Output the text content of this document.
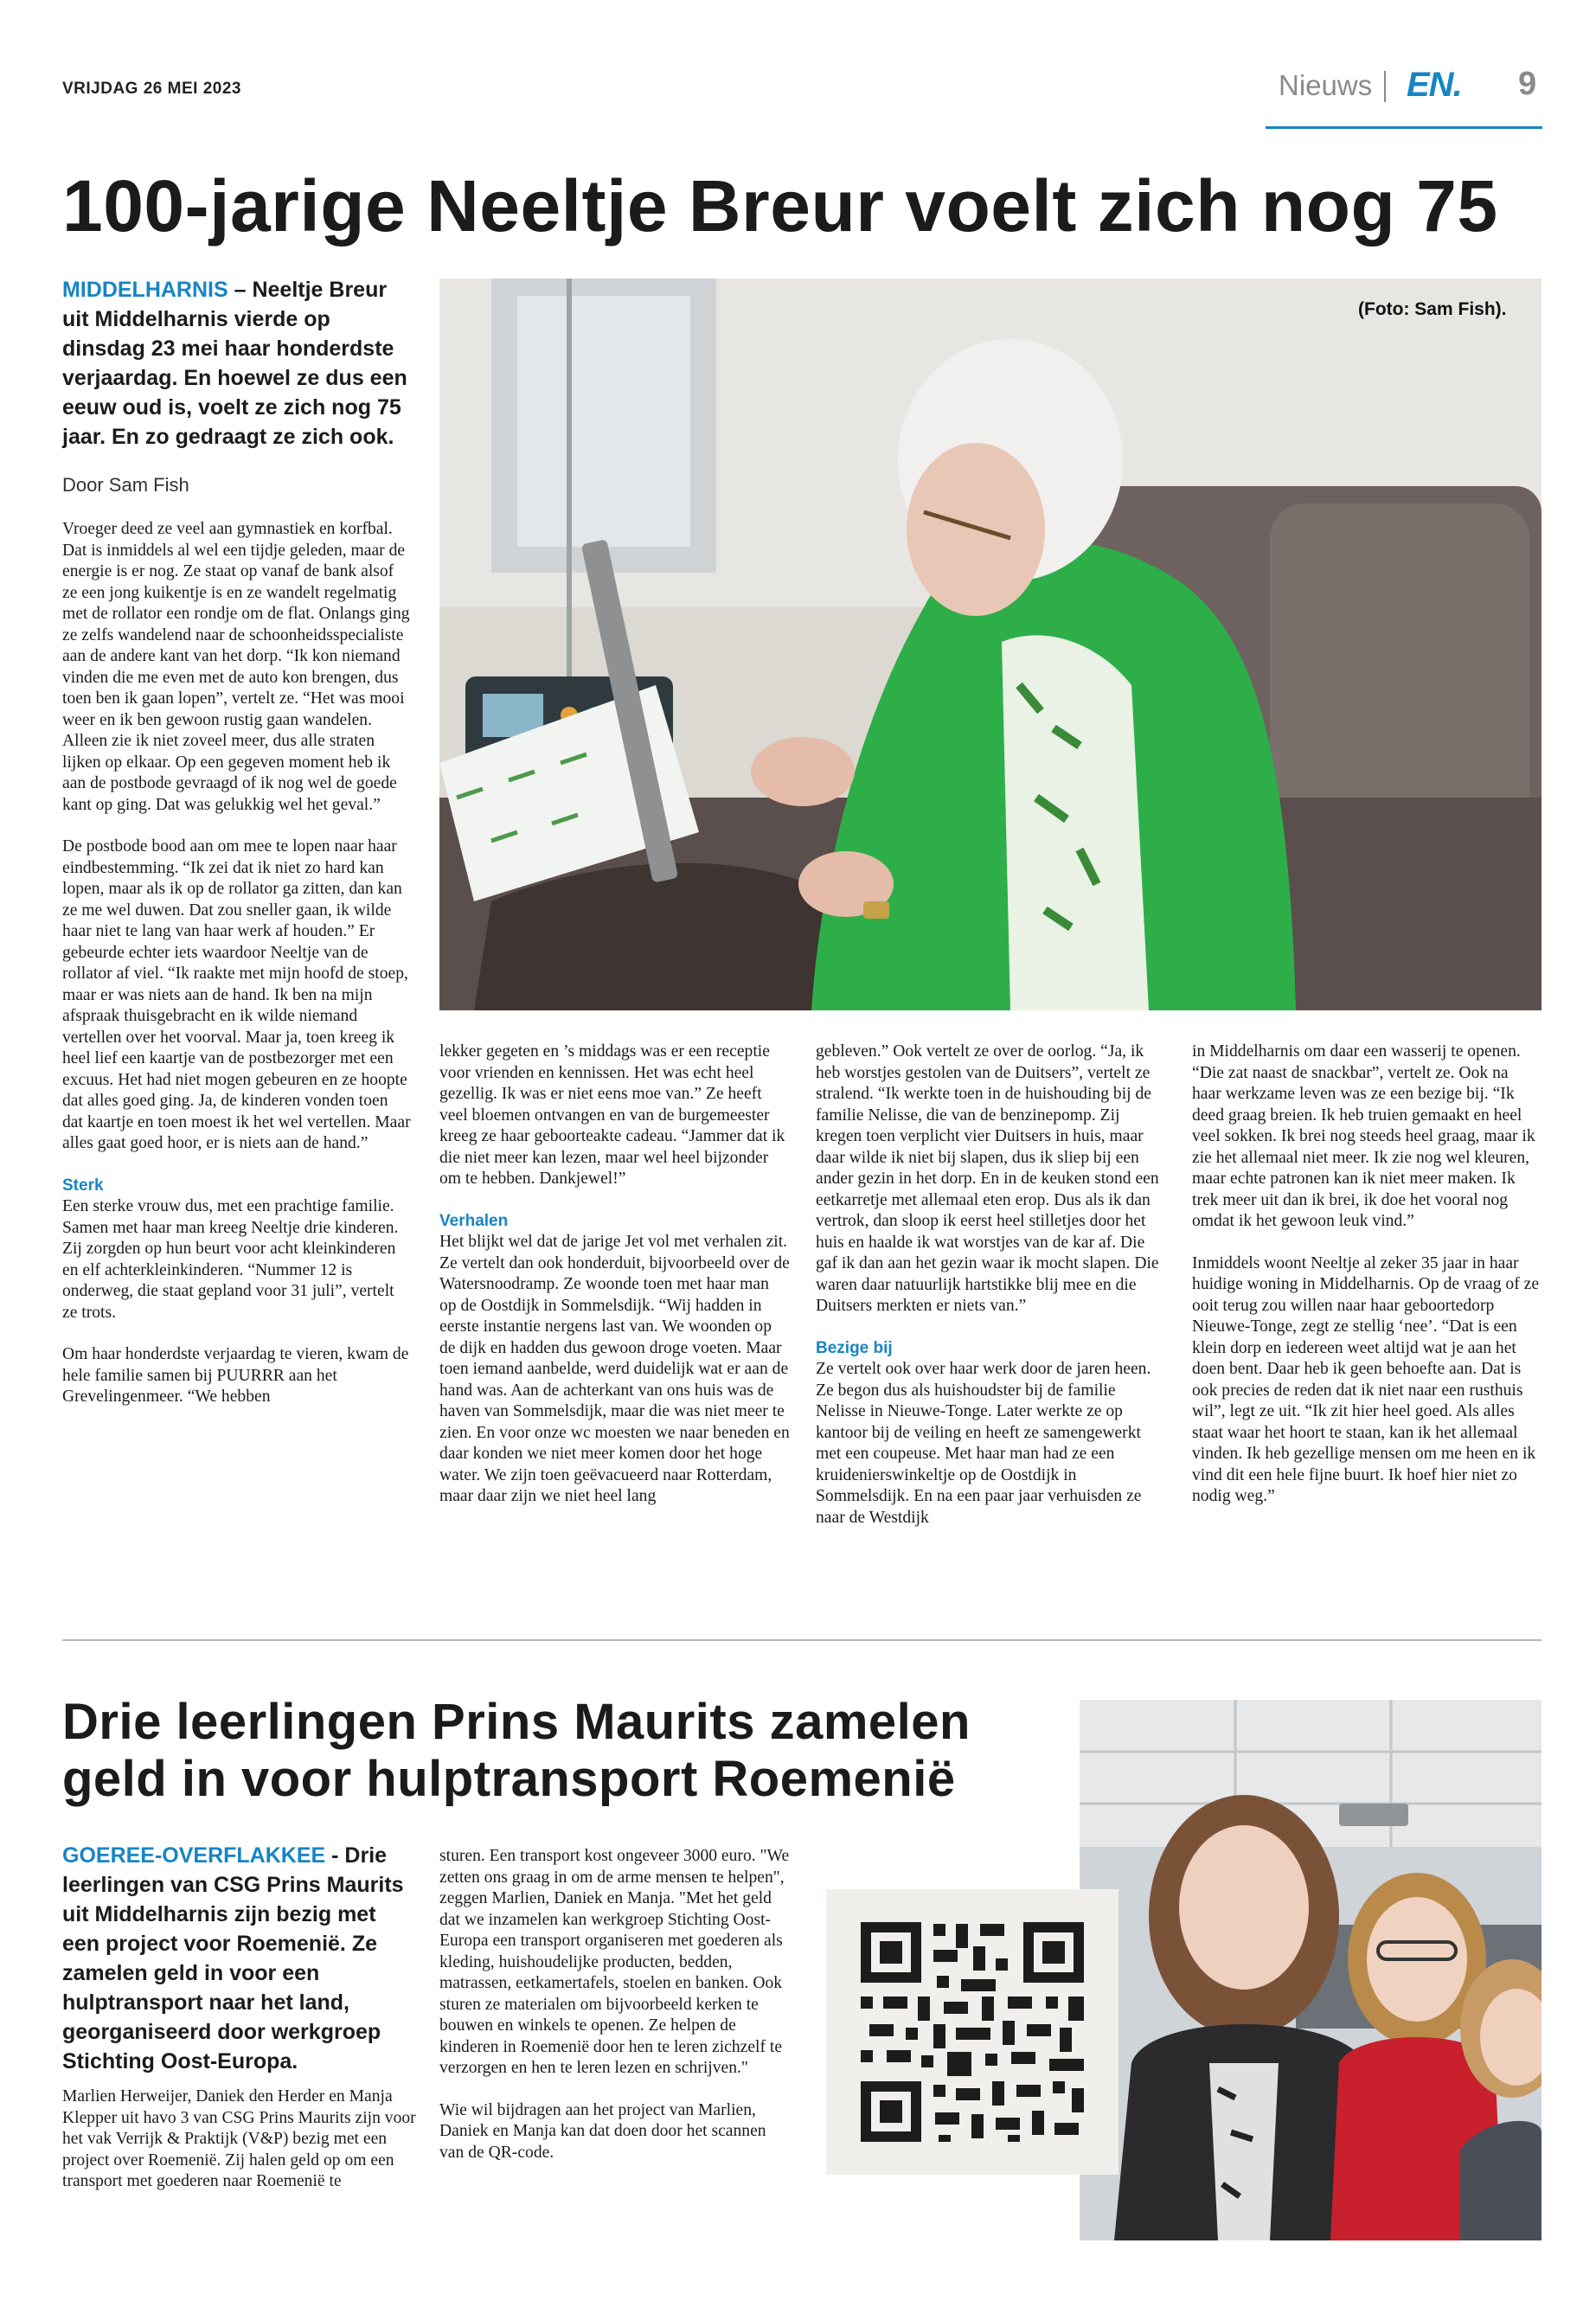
VRIJDAG 26 MEI 2023	Nieuws EN. 9
100-jarige Neeltje Breur voelt zich nog 75
MIDDELHARNIS – Neeltje Breur uit Middelharnis vierde op dinsdag 23 mei haar honderdste verjaardag. En hoewel ze dus een eeuw oud is, voelt ze zich nog 75 jaar. En zo gedraagt ze zich ook.
Door Sam Fish

Vroeger deed ze veel aan gymnastiek en korfbal. Dat is inmiddels al wel een tijdje geleden, maar de energie is er nog. Ze staat op vanaf de bank alsof ze een jong kuikentje is en ze wandelt regelmatig met de rollator een rondje om de flat. Onlangs ging ze zelfs wandelend naar de schoonheidsspecialiste aan de andere kant van het dorp. “Ik kon niemand vinden die me even met de auto kon brengen, dus toen ben ik gaan lopen”, vertelt ze. “Het was mooi weer en ik ben gewoon rustig gaan wandelen. Alleen zie ik niet zoveel meer, dus alle straten lijken op elkaar. Op een gegeven moment heb ik aan de postbode gevraagd of ik nog wel de goede kant op ging. Dat was gelukkig wel het geval.”

De postbode bood aan om mee te lopen naar haar eindbestemming. “Ik zei dat ik niet zo hard kan lopen, maar als ik op de rollator ga zitten, dan kan ze me wel duwen. Dat zou sneller gaan, ik wilde haar niet te lang van haar werk af houden.” Er gebeurde echter iets waardoor Neeltje van de rollator af viel. “Ik raakte met mijn hoofd de stoep, maar er was niets aan de hand. Ik ben na mijn afspraak thuisgebracht en ik wilde niemand vertellen over het voorval. Maar ja, toen kreeg ik heel lief een kaartje van de postbezorger met een excuus. Het had niet mogen gebeuren en ze hoopte dat alles goed ging. Ja, de kinderen vonden toen dat kaartje en toen moest ik het wel vertellen. Maar alles gaat goed hoor, er is niets aan de hand.”

Sterk

Een sterke vrouw dus, met een prachtige familie. Samen met haar man kreeg Neeltje drie kinderen. Zij zorgden op hun beurt voor acht kleinkinderen en elf achterkleinkinderen. “Nummer 12 is onderweg, die staat gepland voor 31 juli”, vertelt ze trots.

Om haar honderdste verjaardag te vieren, kwam de hele familie samen bij PUURRR aan het Grevelingenmeer. “We hebben

(Foto: Sam Fish).

lekker gegeten en ’s middags was er een receptie voor vrienden en kennissen. Het was echt heel gezellig. Ik was er niet eens moe van.” Ze heeft veel bloemen ontvangen en van de burgemeester kreeg ze haar geboorteakte cadeau. “Jammer dat ik die niet meer kan lezen, maar wel heel bijzonder om te hebben. Dankjewel!”

Verhalen

Het blijkt wel dat de jarige Jet vol met verhalen zit. Ze vertelt dan ook honderduit, bijvoorbeeld over de Watersnoodramp. Ze woonde toen met haar man op de Oostdijk in Sommelsdijk. “Wij hadden in eerste instantie nergens last van. We woonden op de dijk en hadden dus gewoon droge voeten. Maar toen iemand aanbelde, werd duidelijk wat er aan de hand was. Aan de achterkant van ons huis was de haven van Sommelsdijk, maar die was niet meer te zien. En voor onze wc moesten we naar beneden en daar konden we niet meer komen door het hoge water. We zijn toen geëvacueerd naar Rotterdam, maar daar zijn we niet heel lang

gebleven.” Ook vertelt ze over de oorlog. “Ja, ik heb worstjes gestolen van de Duitsers”, vertelt ze stralend. “Ik werkte toen in de huishouding bij de familie Nelisse, die van de benzinepomp. Zij kregen toen verplicht vier Duitsers in huis, maar daar wilde ik niet bij slapen, dus ik sliep bij een ander gezin in het dorp. En in de keuken stond een eetkarretje met allemaal eten erop. Dus als ik dan vertrok, dan sloop ik eerst heel stilletjes door het huis en haalde ik wat worstjes van de kar af. Die gaf ik dan aan het gezin waar ik mocht slapen. Die waren daar natuurlijk hartstikke blij mee en die Duitsers merkten er niets van.”

Bezige bij

Ze vertelt ook over haar werk door de jaren heen. Ze begon dus als huishoudster bij de familie Nelisse in Nieuwe-Tonge. Later werkte ze op kantoor bij de veiling en heeft ze samengewerkt met een coupeuse. Met haar man had ze een kruidenierswinkeltje op de Oostdijk in Sommelsdijk. En na een paar jaar verhuisden ze naar de Westdijk

in Middelharnis om daar een wasserij te openen. “Die zat naast de snackbar”, vertelt ze. Ook na haar werkzame leven was ze een bezige bij. “Ik deed graag breien. Ik heb truien gemaakt en heel veel sokken. Ik brei nog steeds heel graag, maar ik zie het allemaal niet meer. Ik zie nog wel kleuren, maar echte patronen kan ik niet meer maken. Ik trek meer uit dan ik brei, ik doe het vooral nog omdat ik het gewoon leuk vind.”

Inmiddels woont Neeltje al zeker 35 jaar in haar huidige woning in Middelharnis. Op de vraag of ze ooit terug zou willen naar haar geboortedorp Nieuwe-Tonge, zegt ze stellig ‘nee’. “Dat is een klein dorp en iedereen weet altijd wat je aan het doen bent. Daar heb ik geen behoefte aan. Dat is ook precies de reden dat ik niet naar een rusthuis wil”, legt ze uit. “Ik zit hier heel goed. Als alles staat waar het hoort te staan, kan ik het allemaal vinden. Ik heb gezellige mensen om me heen en ik vind dit een hele fijne buurt. Ik hoef hier niet zo nodig weg.”

Drie leerlingen Prins Maurits zamelen
geld in voor hulptransport Roemenië
GOEREE-OVERFLAKKEE - Drie leerlingen van CSG Prins Maurits uit Middelharnis zijn bezig met een project voor Roemenië. Ze zamelen geld in voor een hulptransport naar het land, georganiseerd door werkgroep Stichting Oost-Europa.

Marlien Herweijer, Daniek den Herder en Manja Klepper uit havo 3 van CSG Prins Maurits zijn voor het vak Verrijk & Praktijk (V&P) bezig met een project over Roemenië. Zij halen geld op om een transport met goederen naar Roemenië te

sturen. Een transport kost ongeveer 3000 euro. "We zetten ons graag in om de arme mensen te helpen", zeggen Marlien, Daniek en Manja. "Met het geld dat we inzamelen kan werkgroep Stichting Oost-Europa een transport organiseren met goederen als kleding, huishoudelijke producten, bedden, matrassen, eetkamertafels, stoelen en banken. Ook sturen ze materialen om bijvoorbeeld kerken te bouwen en winkels te openen. Ze helpen de kinderen in Roemenië door hen te leren zichzelf te verzorgen en hen te leren lezen en schrijven."

Wie wil bijdragen aan het project van Marlien, Daniek en Manja kan dat doen door het scannen van de QR-code.
